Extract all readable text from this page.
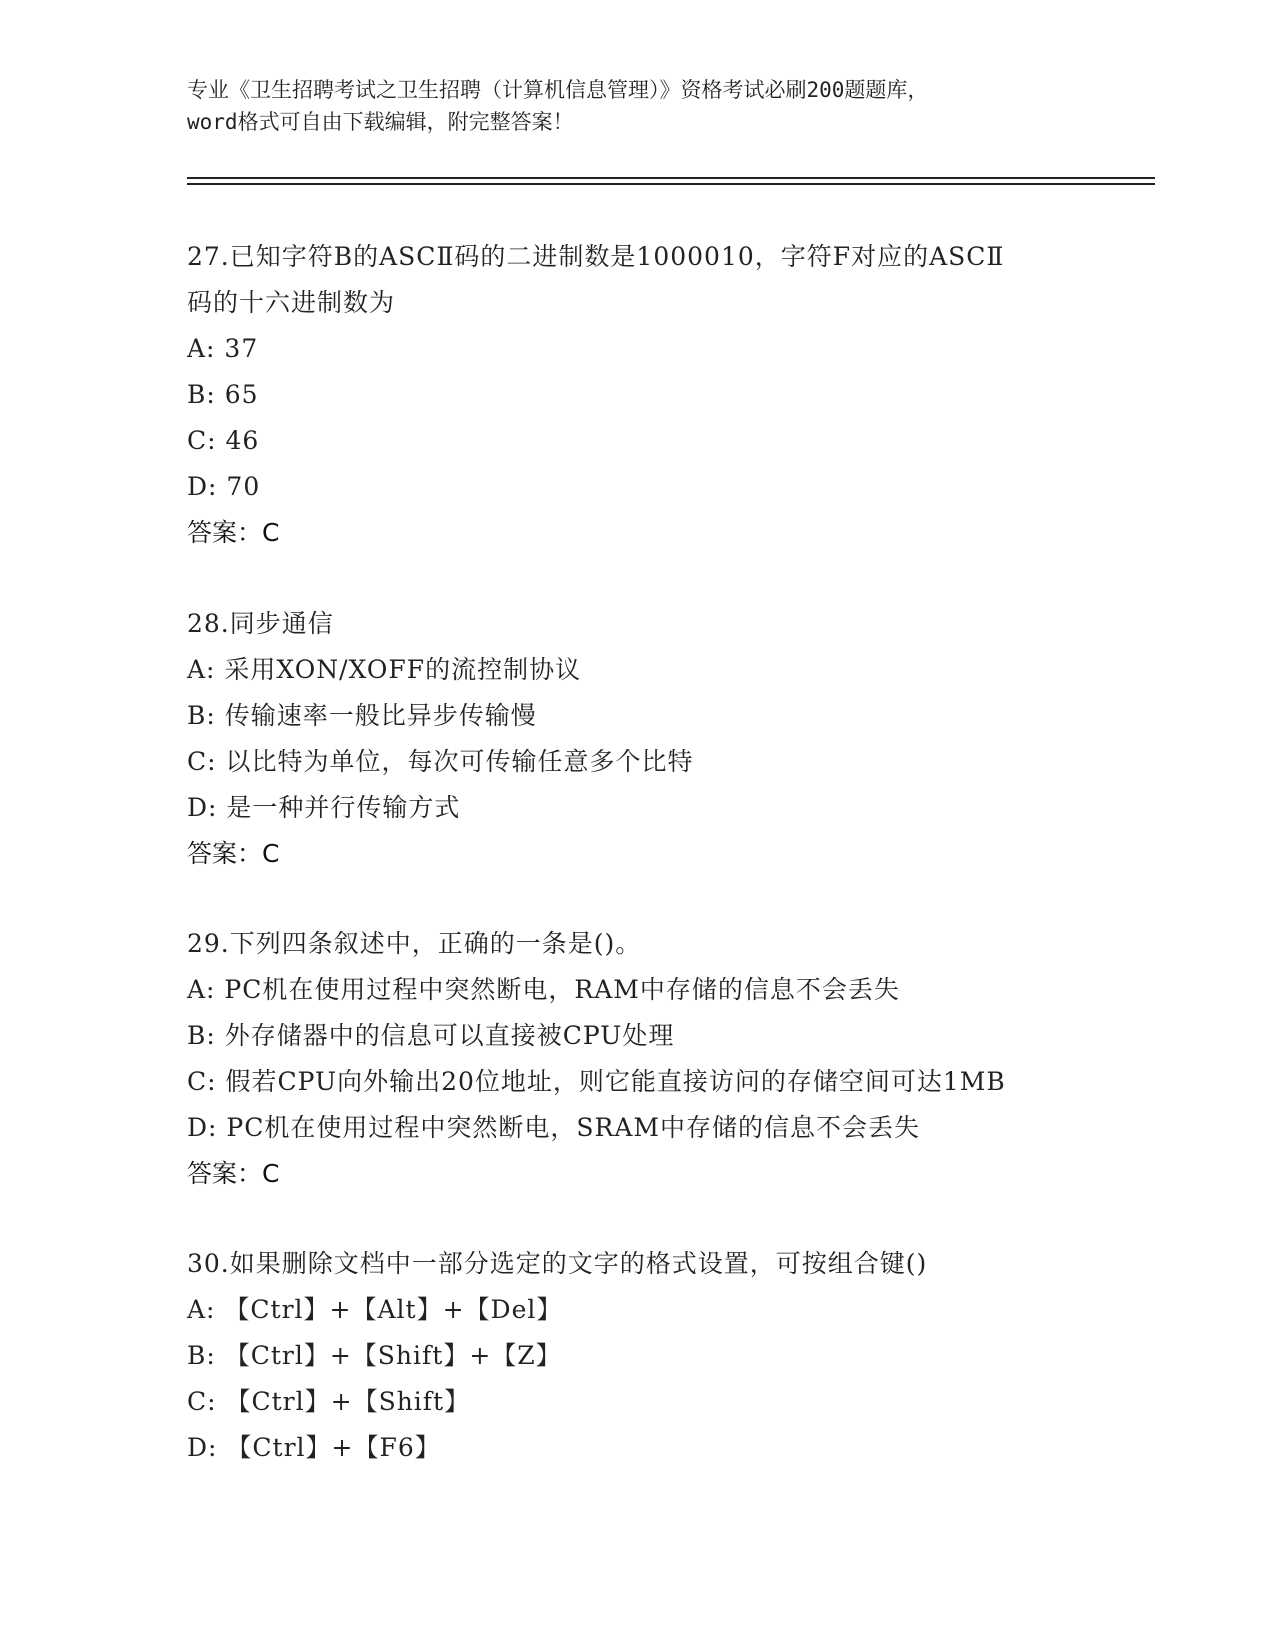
专业《卫生招聘考试之卫生招聘（计算机信息管理）》资格考试必刷200题题库，
word格式可自由下载编辑，附完整答案！
27.已知字符B的ASCⅡ码的二进制数是1000010，字符F对应的ASCⅡ
码的十六进制数为
A: 37
B: 65
C: 46
D: 70
答案：C
28.同步通信
A: 采用XON/XOFF的流控制协议
B: 传输速率一般比异步传输慢
C: 以比特为单位，每次可传输任意多个比特
D: 是一种并行传输方式
答案：C
29.下列四条叙述中，正确的一条是()。
A: PC机在使用过程中突然断电，RAM中存储的信息不会丢失
B: 外存储器中的信息可以直接被CPU处理
C: 假若CPU向外输出20位地址，则它能直接访问的存储空间可达1MB
D: PC机在使用过程中突然断电，SRAM中存储的信息不会丢失
答案：C
30.如果删除文档中一部分选定的文字的格式设置，可按组合键()
A: 【Ctrl】+【Alt】+【Del】
B: 【Ctrl】+【Shift】+【Z】
C: 【Ctrl】+【Shift】
D: 【Ctrl】+【F6】
